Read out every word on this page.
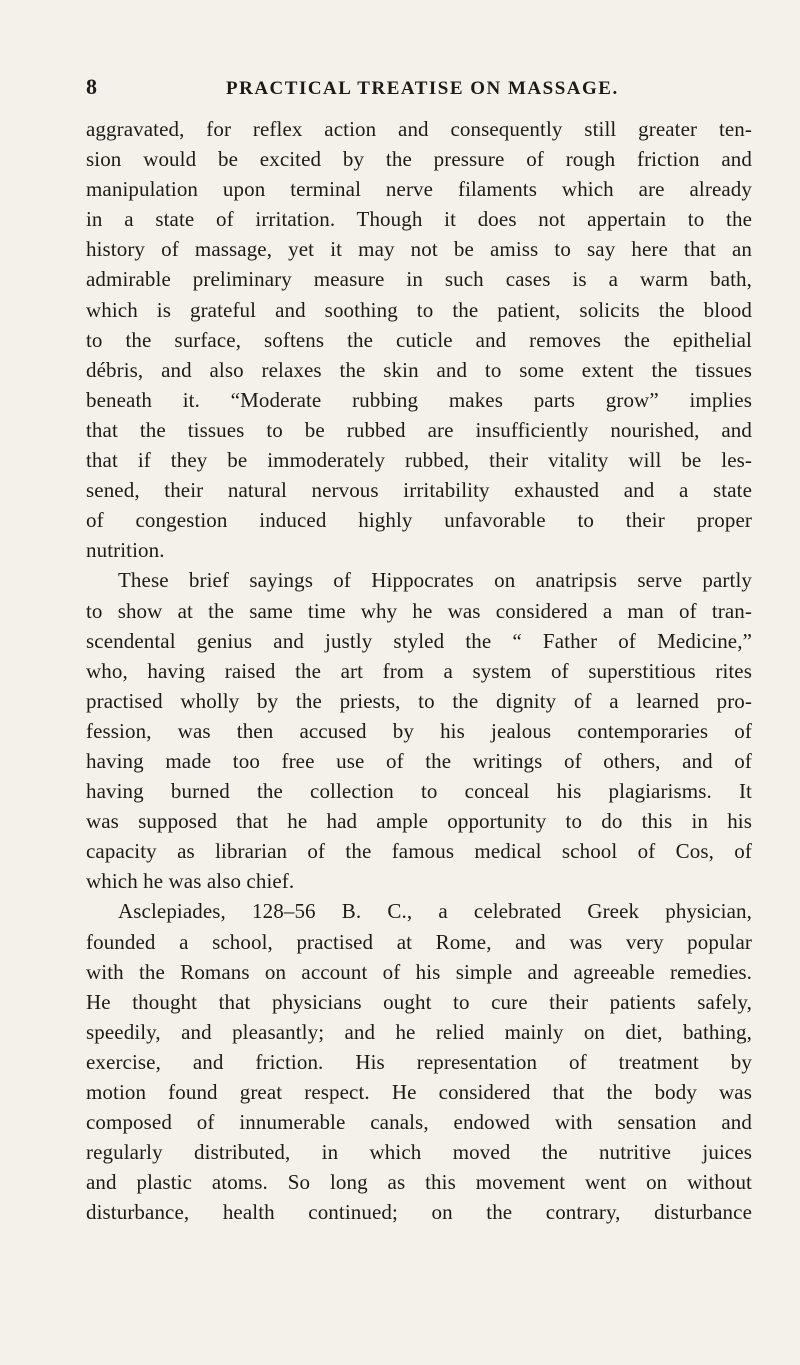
8	PRACTICAL TREATISE ON MASSAGE.
aggravated, for reflex action and consequently still greater ten-
sion would be excited by the pressure of rough friction and
manipulation upon terminal nerve filaments which are already
in a state of irritation. Though it does not appertain to the
history of massage, yet it may not be amiss to say here that an
admirable preliminary measure in such cases is a warm bath,
which is grateful and soothing to the patient, solicits the blood
to the surface, softens the cuticle and removes the epithelial
débris, and also relaxes the skin and to some extent the tissues
beneath it. “Moderate rubbing makes parts grow” implies
that the tissues to be rubbed are insufficiently nourished, and
that if they be immoderately rubbed, their vitality will be les-
sened, their natural nervous irritability exhausted and a state
of congestion induced highly unfavorable to their proper
nutrition.
These brief sayings of Hippocrates on anatripsis serve partly
to show at the same time why he was considered a man of tran-
scendental genius and justly styled the “ Father of Medicine,”
who, having raised the art from a system of superstitious rites
practised wholly by the priests, to the dignity of a learned pro-
fession, was then accused by his jealous contemporaries of
having made too free use of the writings of others, and of
having burned the collection to conceal his plagiarisms. It
was supposed that he had ample opportunity to do this in his
capacity as librarian of the famous medical school of Cos, of
which he was also chief.
Asclepiades, 128–56 B. C., a celebrated Greek physician,
founded a school, practised at Rome, and was very popular
with the Romans on account of his simple and agreeable remedies.
He thought that physicians ought to cure their patients safely,
speedily, and pleasantly; and he relied mainly on diet, bathing,
exercise, and friction. His representation of treatment by
motion found great respect. He considered that the body was
composed of innumerable canals, endowed with sensation and
regularly distributed, in which moved the nutritive juices
and plastic atoms. So long as this movement went on without
disturbance, health continued; on the contrary, disturbance
